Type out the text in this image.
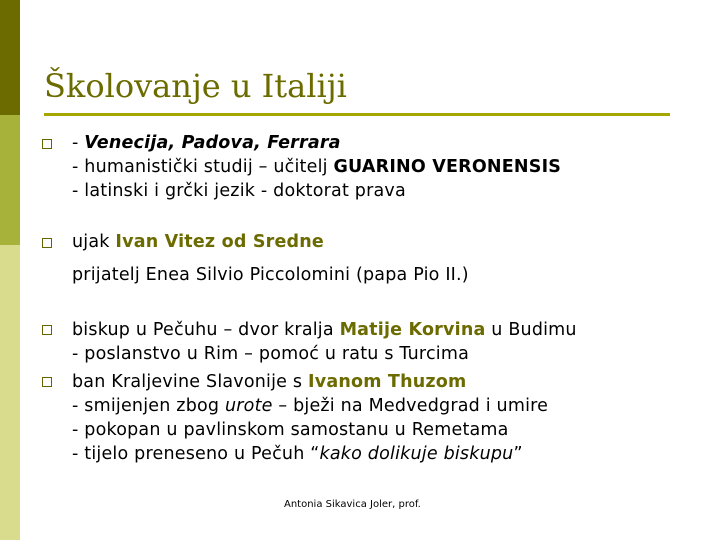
Školovanje u Italiji
- Venecija, Padova, Ferrara
- humanistički studij – učitelj GUARINO VERONENSIS
- latinski i grčki jezik - doktorat prava
ujak Ivan Vitez od Sredne
prijatelj Enea Silvio Piccolomini (papa Pio II.)
biskup u Pečuhu – dvor kralja Matije Korvina u Budimu
- poslanstvo u Rim – pomoć u ratu s Turcima
ban Kraljevine Slavonije s Ivanom Thuzom
- smijenjen zbog urote – bježi na Medvedgrad i umire
- pokopan u pavlinskom samostanu u Remetama
- tijelo preneseno u Pečuh “kako dolikuje biskupu”
Antonia Sikavica Joler, prof.
